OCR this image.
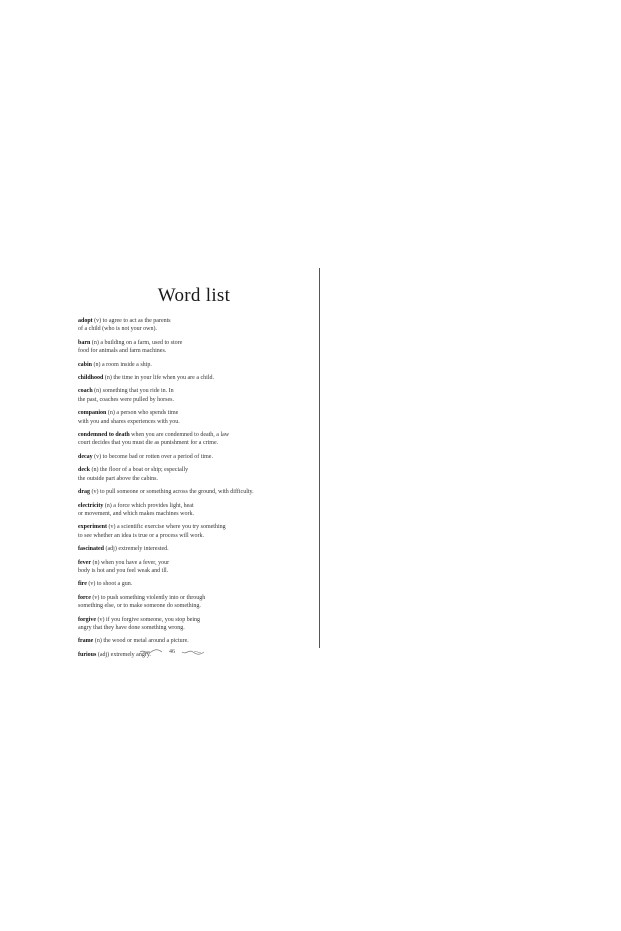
Word list
adopt (v) to agree to act as the parents
of a child (who is not your own).
barn (n) a building on a farm, used to store
food for animals and farm machines.
cabin (n) a room inside a ship.
childhood (n) the time in your life when you are a child.
coach (n) something that you ride in. In
the past, coaches were pulled by horses.
companion (n) a person who spends time
with you and shares experiences with you.
condemned to death when you are condemned to death, a law
court decides that you must die as punishment for a crime.
decay (v) to become bad or rotten over a period of time.
deck (n) the floor of a boat or ship; especially
the outside part above the cabins.
drag (v) to pull someone or something across the ground, with difficulty.
electricity (n) a force which provides light, heat
or movement, and which makes machines work.
experiment (v) a scientific exercise where you try something
to see whether an idea is true or a process will work.
fascinated (adj) extremely interested.
fever (n) when you have a fever, your
body is hot and you feel weak and ill.
fire (v) to shoot a gun.
force (v) to push something violently into or through
something else, or to make someone do something.
forgive (v) if you forgive someone, you stop being
angry that they have done something wrong.
frame (n) the wood or metal around a picture.
furious (adj) extremely angry.	46
